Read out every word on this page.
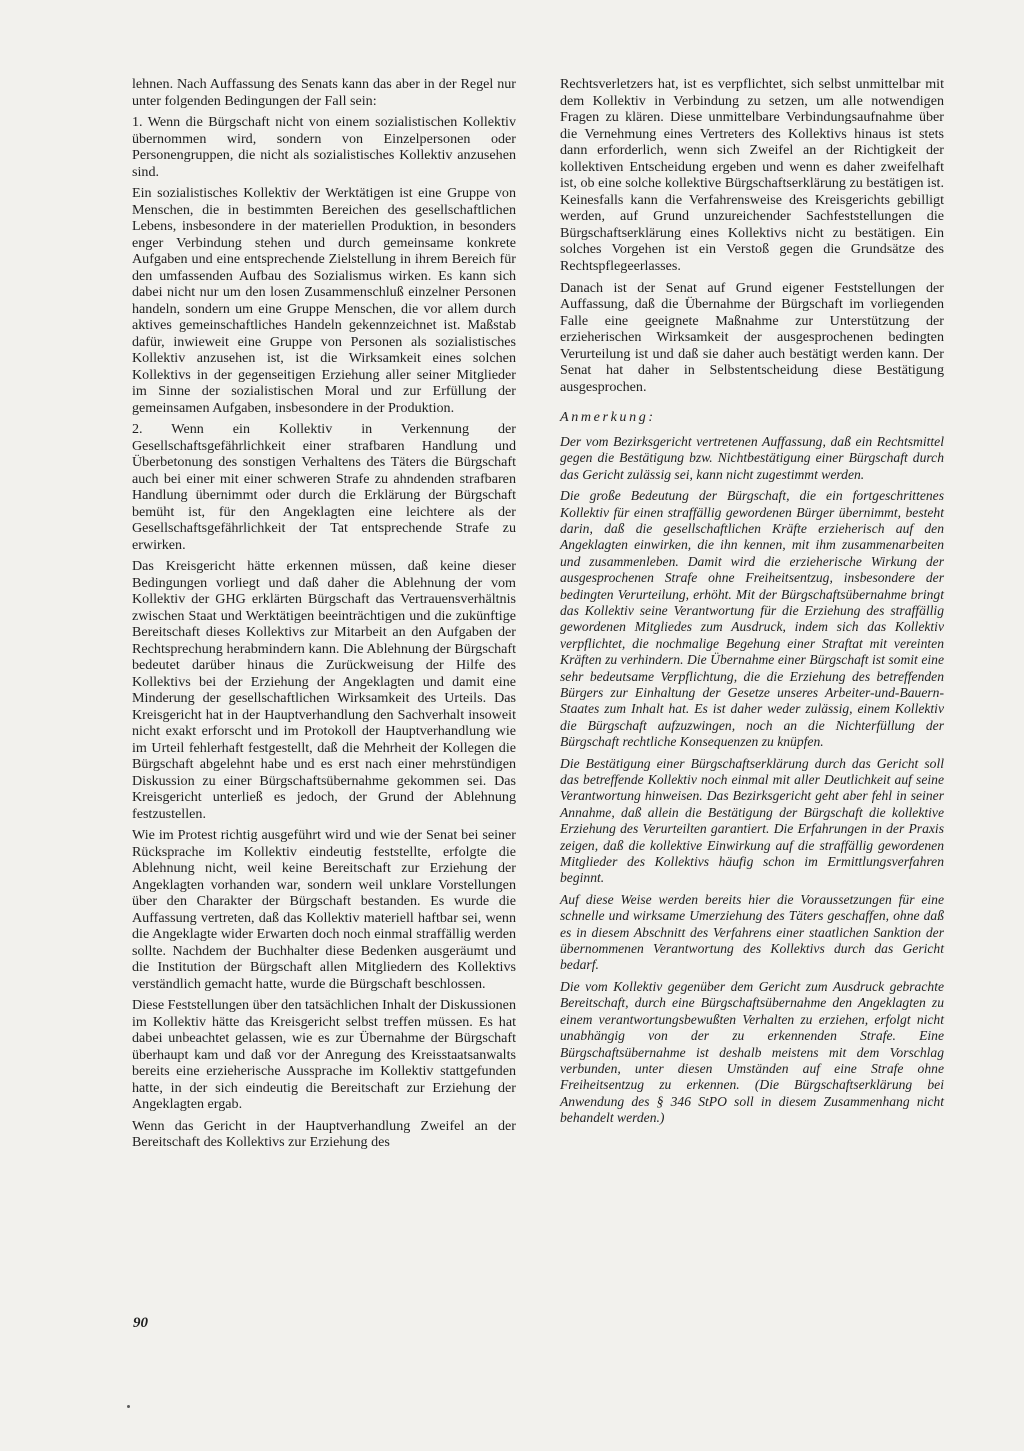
lehnen. Nach Auffassung des Senats kann das aber in der Regel nur unter folgenden Bedingungen der Fall sein:

1. Wenn die Bürgschaft nicht von einem sozialistischen Kollektiv übernommen wird, sondern von Einzelpersonen oder Personengruppen, die nicht als sozialistisches Kollektiv anzusehen sind.

Ein sozialistisches Kollektiv der Werktätigen ist eine Gruppe von Menschen, die in bestimmten Bereichen des gesellschaftlichen Lebens, insbesondere in der materiellen Produktion, in besonders enger Verbindung stehen und durch gemeinsame konkrete Aufgaben und eine entsprechende Zielstellung in ihrem Bereich für den umfassenden Aufbau des Sozialismus wirken. Es kann sich dabei nicht nur um den losen Zusammenschluß einzelner Personen handeln, sondern um eine Gruppe Menschen, die vor allem durch aktives gemeinschaftliches Handeln gekennzeichnet ist. Maßstab dafür, inwieweit eine Gruppe von Personen als sozialistisches Kollektiv anzusehen ist, ist die Wirksamkeit eines solchen Kollektivs in der gegenseitigen Erziehung aller seiner Mitglieder im Sinne der sozialistischen Moral und zur Erfüllung der gemeinsamen Aufgaben, insbesondere in der Produktion.

2. Wenn ein Kollektiv in Verkennung der Gesellschaftsgefährlichkeit einer strafbaren Handlung und Überbetonung des sonstigen Verhaltens des Täters die Bürgschaft auch bei einer mit einer schweren Strafe zu ahndenden strafbaren Handlung übernimmt oder durch die Erklärung der Bürgschaft bemüht ist, für den Angeklagten eine leichtere als der Gesellschaftsgefährlichkeit der Tat entsprechende Strafe zu erwirken.

Das Kreisgericht hätte erkennen müssen, daß keine dieser Bedingungen vorliegt und daß daher die Ablehnung der vom Kollektiv der GHG erklärten Bürgschaft das Vertrauensverhältnis zwischen Staat und Werktätigen beeinträchtigen und die zukünftige Bereitschaft dieses Kollektivs zur Mitarbeit an den Aufgaben der Rechtsprechung herabmindern kann. Die Ablehnung der Bürgschaft bedeutet darüber hinaus die Zurückweisung der Hilfe des Kollektivs bei der Erziehung der Angeklagten und damit eine Minderung der gesellschaftlichen Wirksamkeit des Urteils. Das Kreisgericht hat in der Hauptverhandlung den Sachverhalt insoweit nicht exakt erforscht und im Protokoll der Hauptverhandlung wie im Urteil fehlerhaft festgestellt, daß die Mehrheit der Kollegen die Bürgschaft abgelehnt habe und es erst nach einer mehrstündigen Diskussion zu einer Bürgschaftsübernahme gekommen sei. Das Kreisgericht unterließ es jedoch, der Grund der Ablehnung festzustellen.

Wie im Protest richtig ausgeführt wird und wie der Senat bei seiner Rücksprache im Kollektiv eindeutig feststellte, erfolgte die Ablehnung nicht, weil keine Bereitschaft zur Erziehung der Angeklagten vorhanden war, sondern weil unklare Vorstellungen über den Charakter der Bürgschaft bestanden. Es wurde die Auffassung vertreten, daß das Kollektiv materiell haftbar sei, wenn die Angeklagte wider Erwarten doch noch einmal straffällig werden sollte. Nachdem der Buchhalter diese Bedenken ausgeräumt und die Institution der Bürgschaft allen Mitgliedern des Kollektivs verständlich gemacht hatte, wurde die Bürgschaft beschlossen.

Diese Feststellungen über den tatsächlichen Inhalt der Diskussionen im Kollektiv hätte das Kreisgericht selbst treffen müssen. Es hat dabei unbeachtet gelassen, wie es zur Übernahme der Bürgschaft überhaupt kam und daß vor der Anregung des Kreisstaatsanwalts bereits eine erzieherische Aussprache im Kollektiv stattgefunden hatte, in der sich eindeutig die Bereitschaft zur Erziehung der Angeklagten ergab.

Wenn das Gericht in der Hauptverhandlung Zweifel an der Bereitschaft des Kollektivs zur Erziehung des

Rechtsverletzers hat, ist es verpflichtet, sich selbst unmittelbar mit dem Kollektiv in Verbindung zu setzen, um alle notwendigen Fragen zu klären. Diese unmittelbare Verbindungsaufnahme über die Vernehmung eines Vertreters des Kollektivs hinaus ist stets dann erforderlich, wenn sich Zweifel an der Richtigkeit der kollektiven Entscheidung ergeben und wenn es daher zweifelhaft ist, ob eine solche kollektive Bürgschaftserklärung zu bestätigen ist. Keinesfalls kann die Verfahrensweise des Kreisgerichts gebilligt werden, auf Grund unzureichender Sachfeststellungen die Bürgschaftserklärung eines Kollektivs nicht zu bestätigen. Ein solches Vorgehen ist ein Verstoß gegen die Grundsätze des Rechtspflegeerlasses.

Danach ist der Senat auf Grund eigener Feststellungen der Auffassung, daß die Übernahme der Bürgschaft im vorliegenden Falle eine geeignete Maßnahme zur Unterstützung der erzieherischen Wirksamkeit der ausgesprochenen bedingten Verurteilung ist und daß sie daher auch bestätigt werden kann. Der Senat hat daher in Selbstentscheidung diese Bestätigung ausgesprochen.

Anmerkung:

Der vom Bezirksgericht vertretenen Auffassung, daß ein Rechtsmittel gegen die Bestätigung bzw. Nichtbestätigung einer Bürgschaft durch das Gericht zulässig sei, kann nicht zugestimmt werden.

Die große Bedeutung der Bürgschaft, die ein fortgeschrittenes Kollektiv für einen straffällig gewordenen Bürger übernimmt, besteht darin, daß die gesellschaftlichen Kräfte erzieherisch auf den Angeklagten einwirken, die ihn kennen, mit ihm zusammenarbeiten und zusammenleben. Damit wird die erzieherische Wirkung der ausgesprochenen Strafe ohne Freiheitsentzug, insbesondere der bedingten Verurteilung, erhöht. Mit der Bürgschaftsübernahme bringt das Kollektiv seine Verantwortung für die Erziehung des straffällig gewordenen Mitgliedes zum Ausdruck, indem sich das Kollektiv verpflichtet, die nochmalige Begehung einer Straftat mit vereinten Kräften zu verhindern. Die Übernahme einer Bürgschaft ist somit eine sehr bedeutsame Verpflichtung, die die Erziehung des betreffenden Bürgers zur Einhaltung der Gesetze unseres Arbeiter-und-Bauern-Staates zum Inhalt hat. Es ist daher weder zulässig, einem Kollektiv die Bürgschaft aufzuzwingen, noch an die Nichterfüllung der Bürgschaft rechtliche Konsequenzen zu knüpfen.

Die Bestätigung einer Bürgschaftserklärung durch das Gericht soll das betreffende Kollektiv noch einmal mit aller Deutlichkeit auf seine Verantwortung hinweisen. Das Bezirksgericht geht aber fehl in seiner Annahme, daß allein die Bestätigung der Bürgschaft die kollektive Erziehung des Verurteilten garantiert. Die Erfahrungen in der Praxis zeigen, daß die kollektive Einwirkung auf die straffällig gewordenen Mitglieder des Kollektivs häufig schon im Ermittlungsverfahren beginnt.

Auf diese Weise werden bereits hier die Voraussetzungen für eine schnelle und wirksame Umerziehung des Täters geschaffen, ohne daß es in diesem Abschnitt des Verfahrens einer staatlichen Sanktion der übernommenen Verantwortung des Kollektivs durch das Gericht bedarf.

Die vom Kollektiv gegenüber dem Gericht zum Ausdruck gebrachte Bereitschaft, durch eine Bürgschaftsübernahme den Angeklagten zu einem verantwortungsbewußten Verhalten zu erziehen, erfolgt nicht unabhängig von der zu erkennenden Strafe. Eine Bürgschaftsübernahme ist deshalb meistens mit dem Vorschlag verbunden, unter diesen Umständen auf eine Strafe ohne Freiheitsentzug zu erkennen. (Die Bürgschaftserklärung bei Anwendung des § 346 StPO soll in diesem Zusammenhang nicht behandelt werden.)

90
